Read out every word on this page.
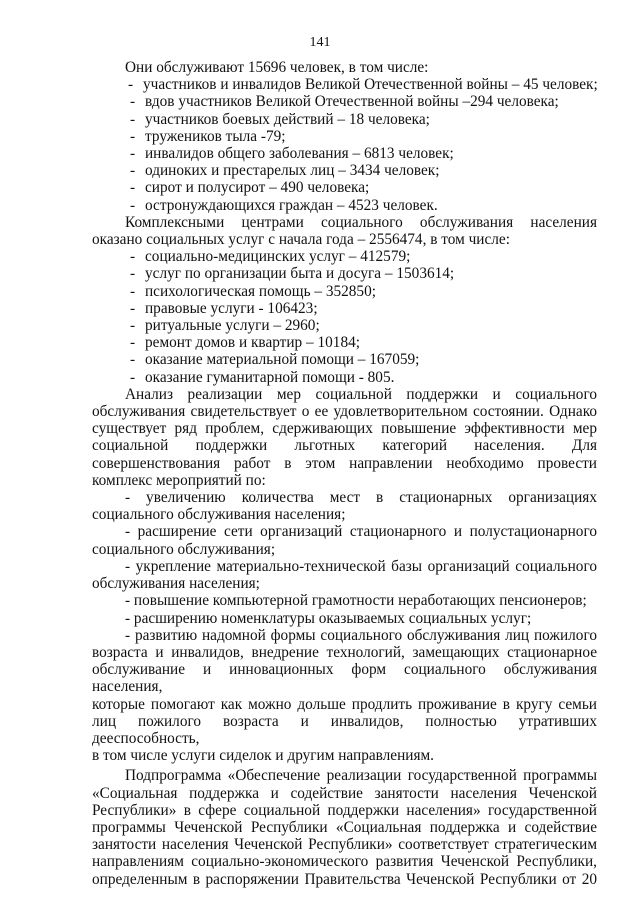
141

Они обслуживают 15696 человек, в том числе:

- участников и инвалидов Великой Отечественной войны – 45 человек;

- вдов участников Великой Отечественной войны –294 человека;

- участников боевых действий – 18 человека;

- тружеников тыла -79;

- инвалидов общего заболевания – 6813 человек;

- одиноких и престарелых лиц – 3434 человек;

- сирот и полусирот – 490 человека;

- остронуждающихся граждан – 4523 человек.

Комплексными центрами социального обслуживания населения

оказано социальных услуг с начала года – 2556474, в том числе:

- социально-медицинских услуг – 412579;

- услуг по организации быта и досуга – 1503614;

- психологическая помощь – 352850;

- правовые услуги - 106423;

- ритуальные услуги – 2960;

- ремонт домов и квартир – 10184;

- оказание материальной помощи – 167059;

- оказание гуманитарной помощи - 805.

Анализ реализации мер социальной поддержки и социального

обслуживания свидетельствует о ее удовлетворительном состоянии. Однако

существует ряд проблем, сдерживающих повышение эффективности мер

социальной поддержки льготных категорий населения. Для

совершенствования работ в этом направлении необходимо провести

комплекс мероприятий по:

- увеличению количества мест в стационарных организациях

социального обслуживания населения;

- расширение сети организаций стационарного и полустационарного

социального обслуживания;

- укрепление материально-технической базы организаций социального

обслуживания населения;

- повышение компьютерной грамотности неработающих пенсионеров;

- расширению номенклатуры оказываемых социальных услуг;

- развитию надомной формы социального обслуживания лиц пожилого

возраста и инвалидов, внедрение технологий, замещающих стационарное

обслуживание и инновационных форм социального обслуживания населения,

которые помогают как можно дольше продлить проживание в кругу семьи

лиц пожилого возраста и инвалидов, полностью утративших дееспособность,

в том числе услуги сиделок и другим направлениям.

Подпрограмма «Обеспечение реализации государственной программы

«Социальная поддержка и содействие занятости населения Чеченской

Республики» в сфере социальной поддержки населения» государственной

программы Чеченской Республики «Социальная поддержка и содействие

занятости населения Чеченской Республики» соответствует стратегическим

направлениям социально-экономического развития Чеченской Республики,

определенным в распоряжении Правительства Чеченской Республики от 20
